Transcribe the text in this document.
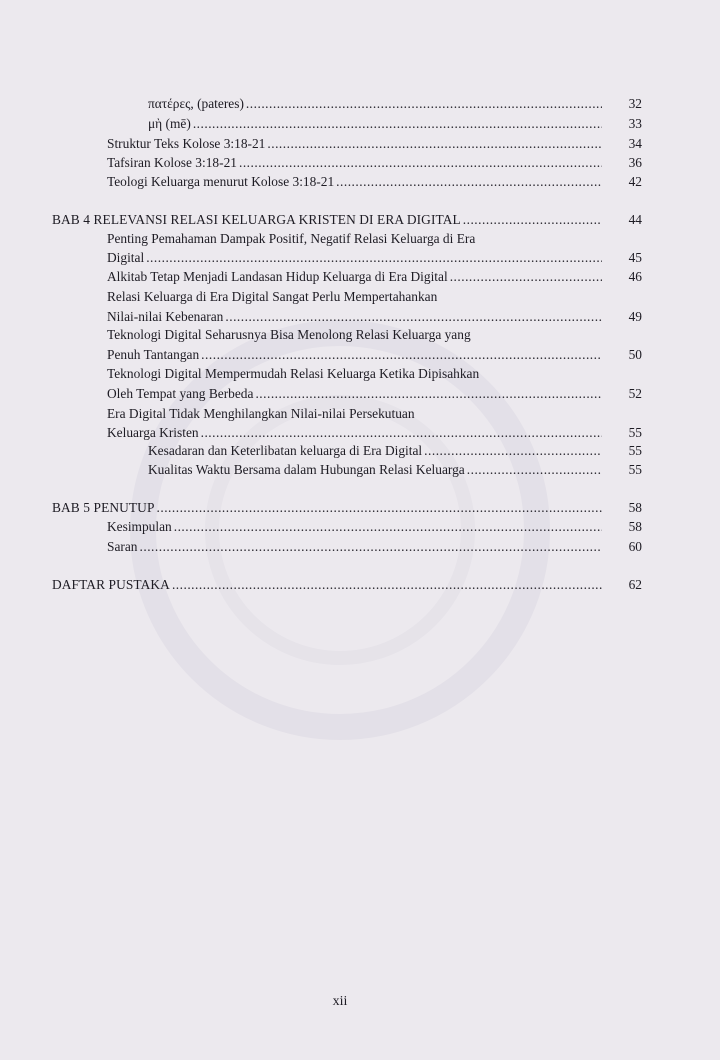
πατέρες, (pateres) .....	32
μὴ (mē) .....	33
Struktur Teks Kolose 3:18-21 .....	34
Tafsiran Kolose 3:18-21 .....	36
Teologi Keluarga menurut Kolose 3:18-21 .....	42
BAB 4 RELEVANSI RELASI KELUARGA KRISTEN DI ERA DIGITAL .....	44
Penting Pemahaman Dampak Positif, Negatif Relasi Keluarga di Era
Digital .....	45
Alkitab Tetap Menjadi Landasan Hidup Keluarga di Era Digital .....	46
Relasi Keluarga di Era Digital Sangat Perlu Mempertahankan
Nilai-nilai Kebenaran .....	49
Teknologi Digital Seharusnya Bisa Menolong Relasi Keluarga yang
Penuh Tantangan .....	50
Teknologi Digital Mempermudah Relasi Keluarga Ketika Dipisahkan
Oleh Tempat yang Berbeda .....	52
Era Digital Tidak Menghilangkan Nilai-nilai Persekutuan
Keluarga Kristen .....	55
Kesadaran dan Keterlibatan keluarga di Era Digital .....	55
Kualitas Waktu Bersama dalam Hubungan Relasi Keluarga .....	55
BAB 5 PENUTUP .....	58
Kesimpulan .....	58
Saran .....	60
DAFTAR PUSTAKA .....	62
xii
